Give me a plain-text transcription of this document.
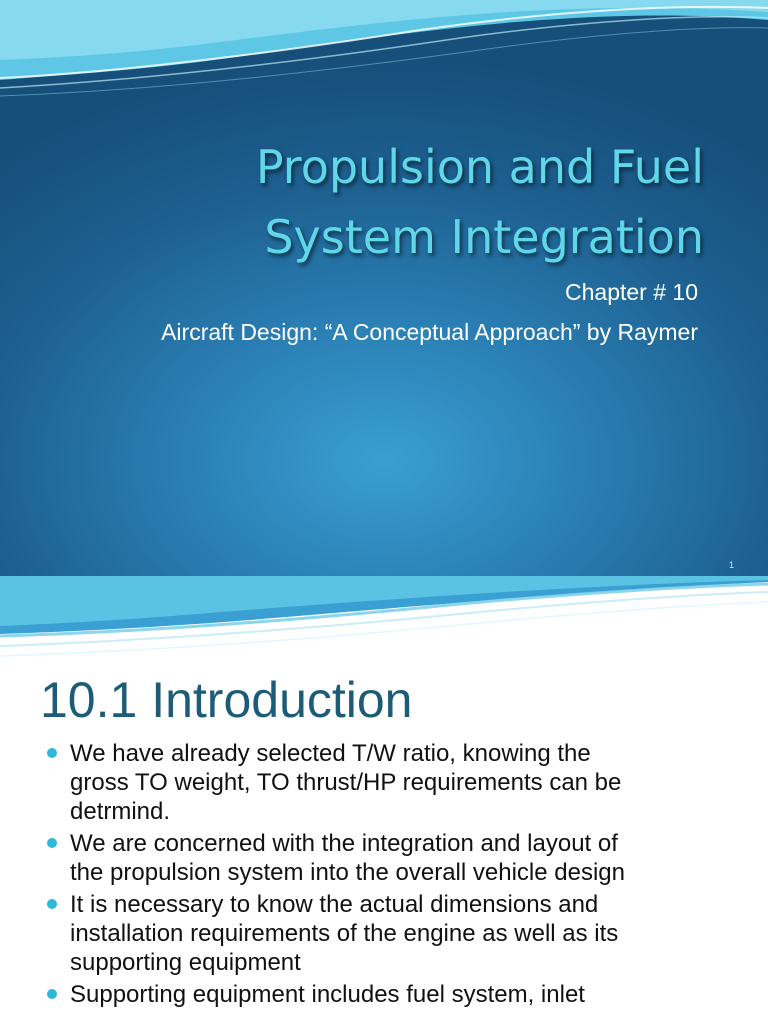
Propulsion and Fuel
System Integration

Chapter # 10

Aircraft Design: “A Conceptual Approach” by Raymer

1
10.1 Introduction
We have already selected T/W ratio, knowing the
gross TO weight, TO thrust/HP requirements can be
detrmind.
We are concerned with the integration and layout of
the propulsion system into the overall vehicle design
It is necessary to know the actual dimensions and
installation requirements of the engine as well as its
supporting equipment
Supporting equipment includes fuel system, inlet
